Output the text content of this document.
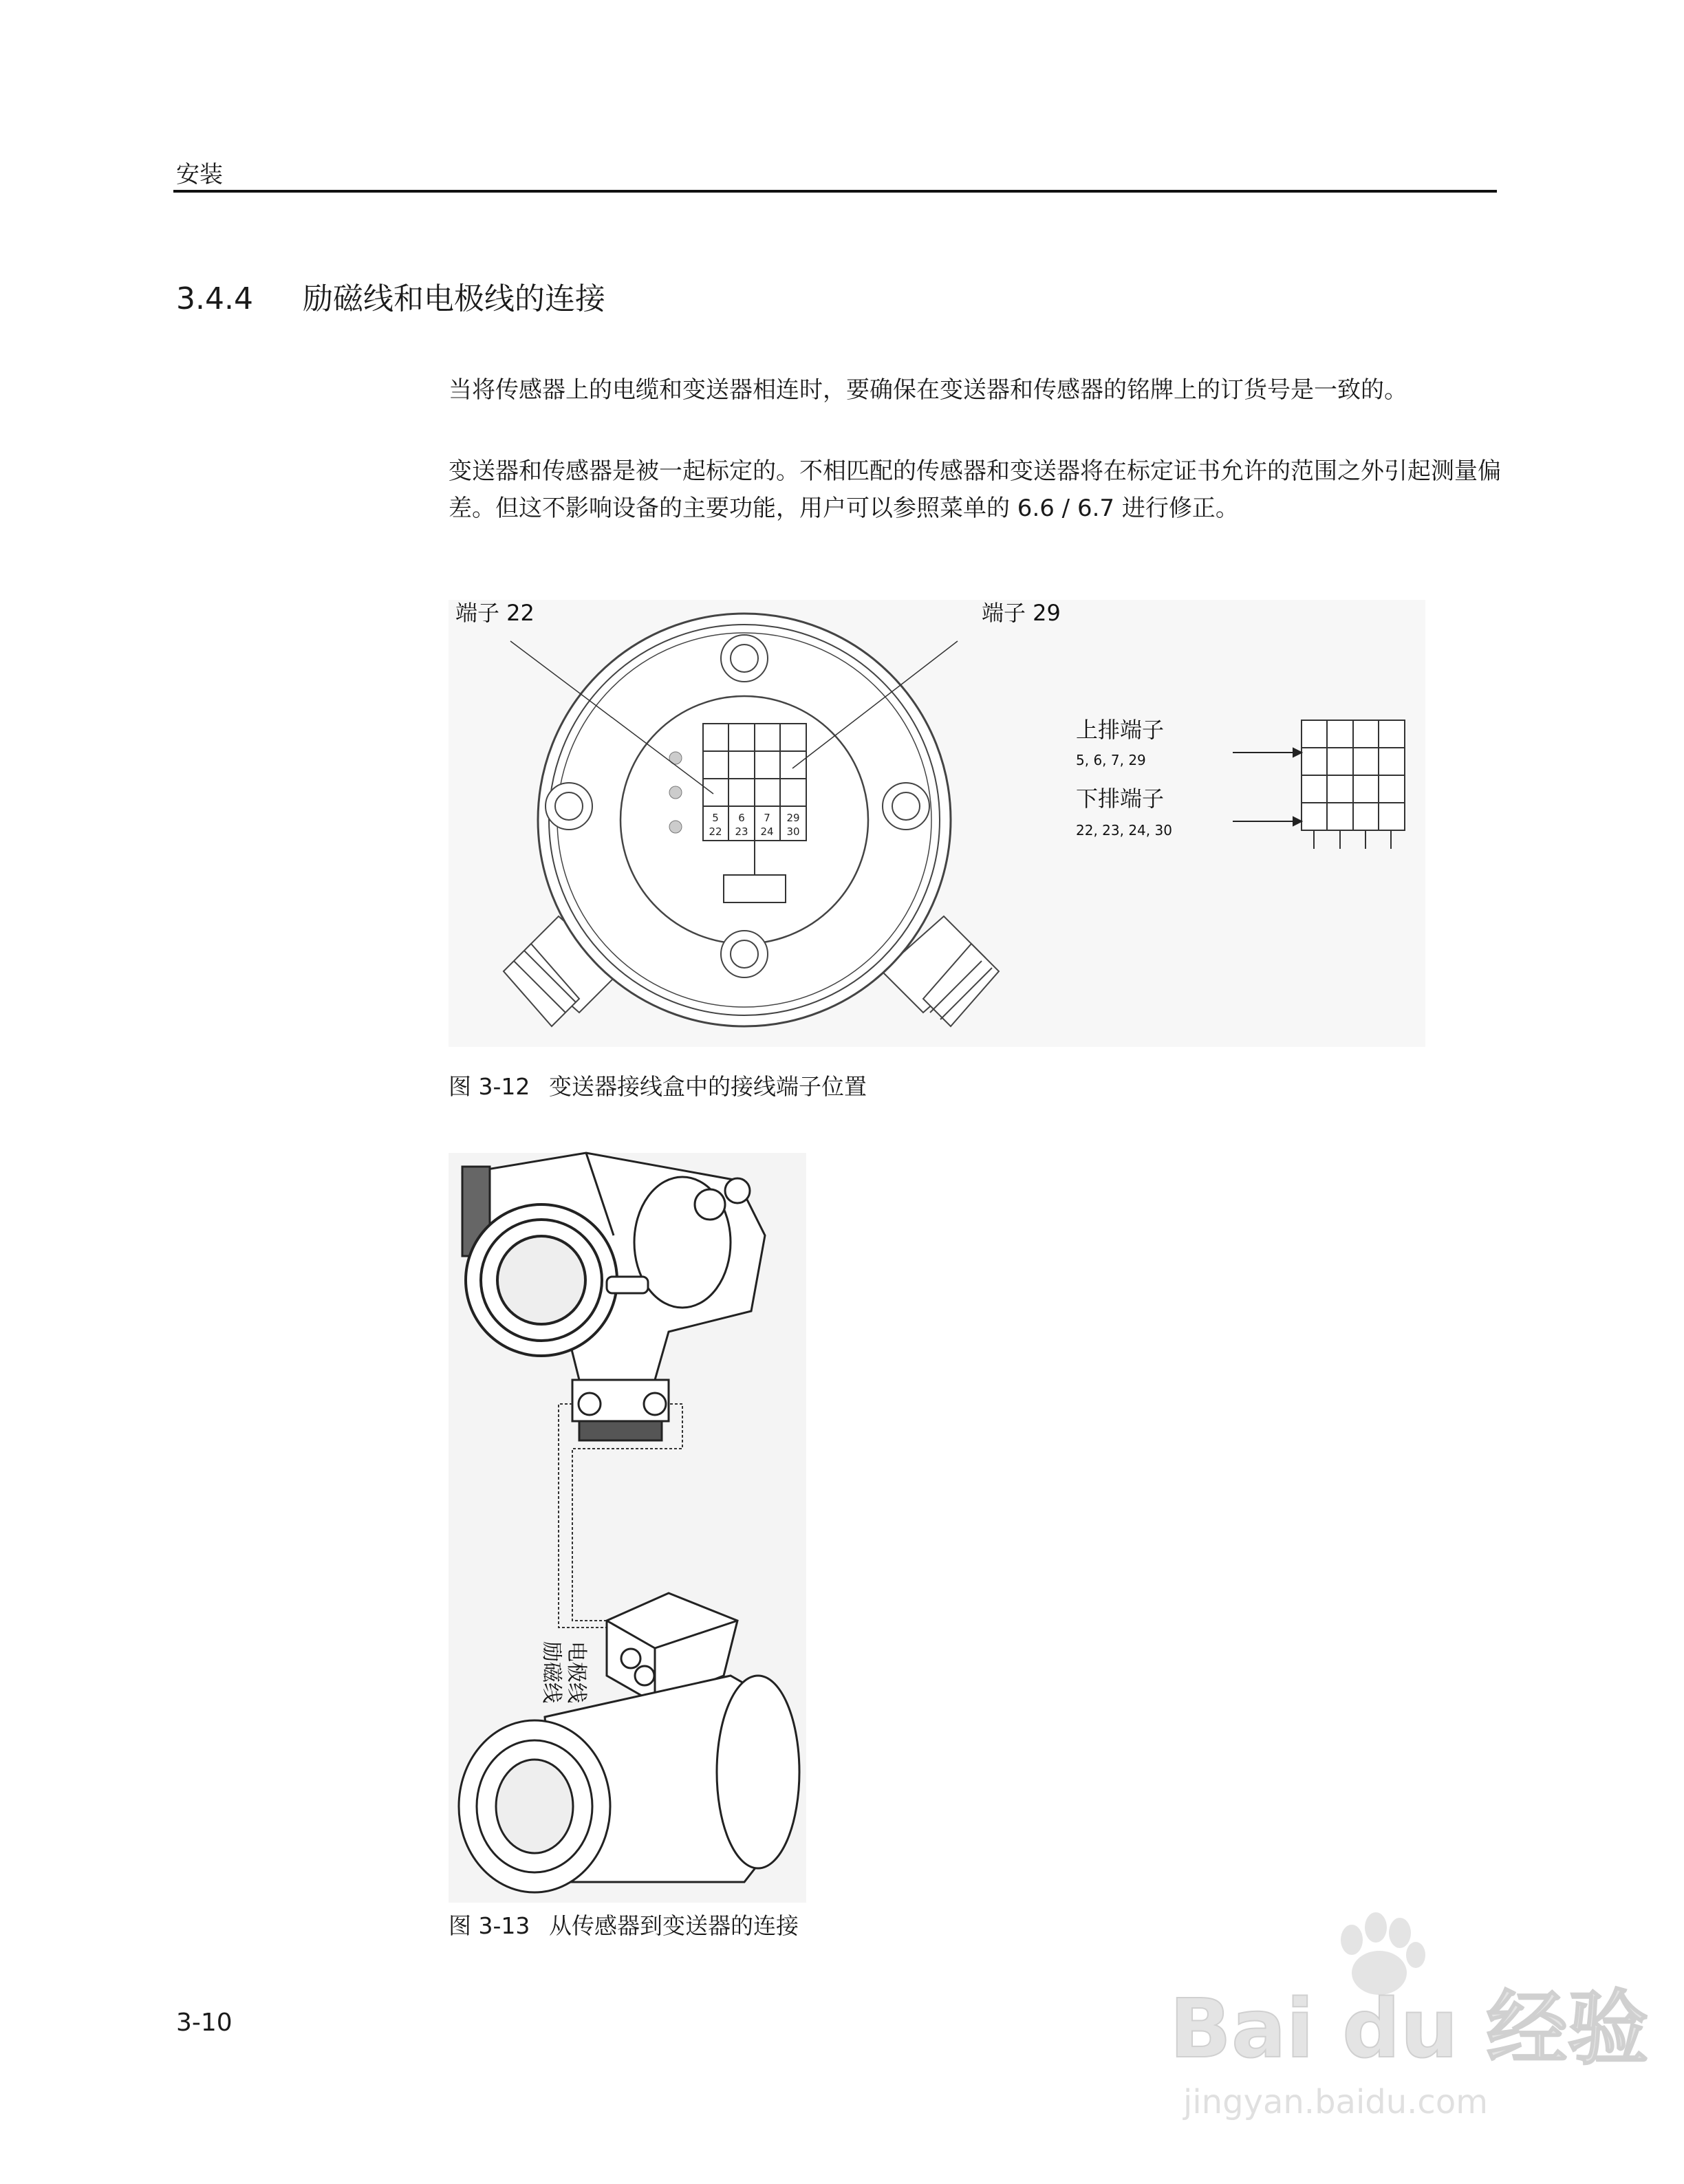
安装
3.4.4 励磁线和电极线的连接
当将传感器上的电缆和变送器相连时，要确保在变送器和传感器的铭牌上的订货号是一致的。
变送器和传感器是被一起标定的。不相匹配的传感器和变送器将在标定证书允许的范围之外引起测量偏差。但这不影响设备的主要功能，用户可以参照菜单的 6.6 / 6.7 进行修正。
5 6 7 29
22 23 24 30
端子 22	端子 29
上排端子
5, 6, 7, 29
下排端子
22, 23, 24, 30
图 3-12 变送器接线盒中的接线端子位置
励磁线 电极线
图 3-13 从传感器到变送器的连接
3-10	Bai du 经验
jingyan.baidu.com
